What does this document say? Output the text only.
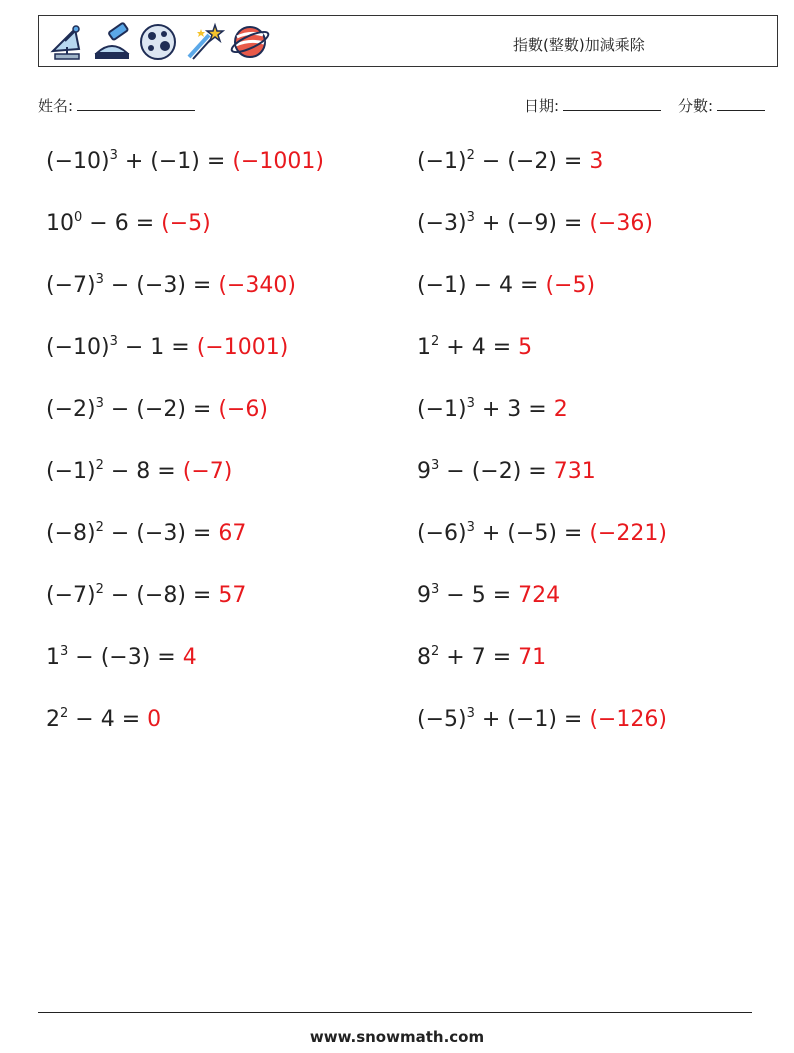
指數(整數)加減乘除
姓名:	日期:	分數:
$(-10)^3 + (-1) = (-1001)$	$(-1)^2 - (-2) = 3$
$10^0 - 6 = (-5)$	$(-3)^3 + (-9) = (-36)$
$(-7)^3 - (-3) = (-340)$	(−1) − 4 = (−5)
$(-10)^3 - 1 = (-1001)$	$1^2 + 4 = 5$
$(-2)^3 - (-2) = (-6)$	$(-1)^3 + 3 = 2$
$(-1)^2 - 8 = (-7)$	$9^3 - (-2) = 731$
$(-8)^2 - (-3) = 67$	$(-6)^3 + (-5) = (-221)$
$(-7)^2 - (-8) = 57$	$9^3 - 5 = 724$
$1^3 - (-3) = 4$	$8^2 + 7 = 71$
$2^2 - 4 = 0$	$(-5)^3 + (-1) = (-126)$
www.snowmath.com
